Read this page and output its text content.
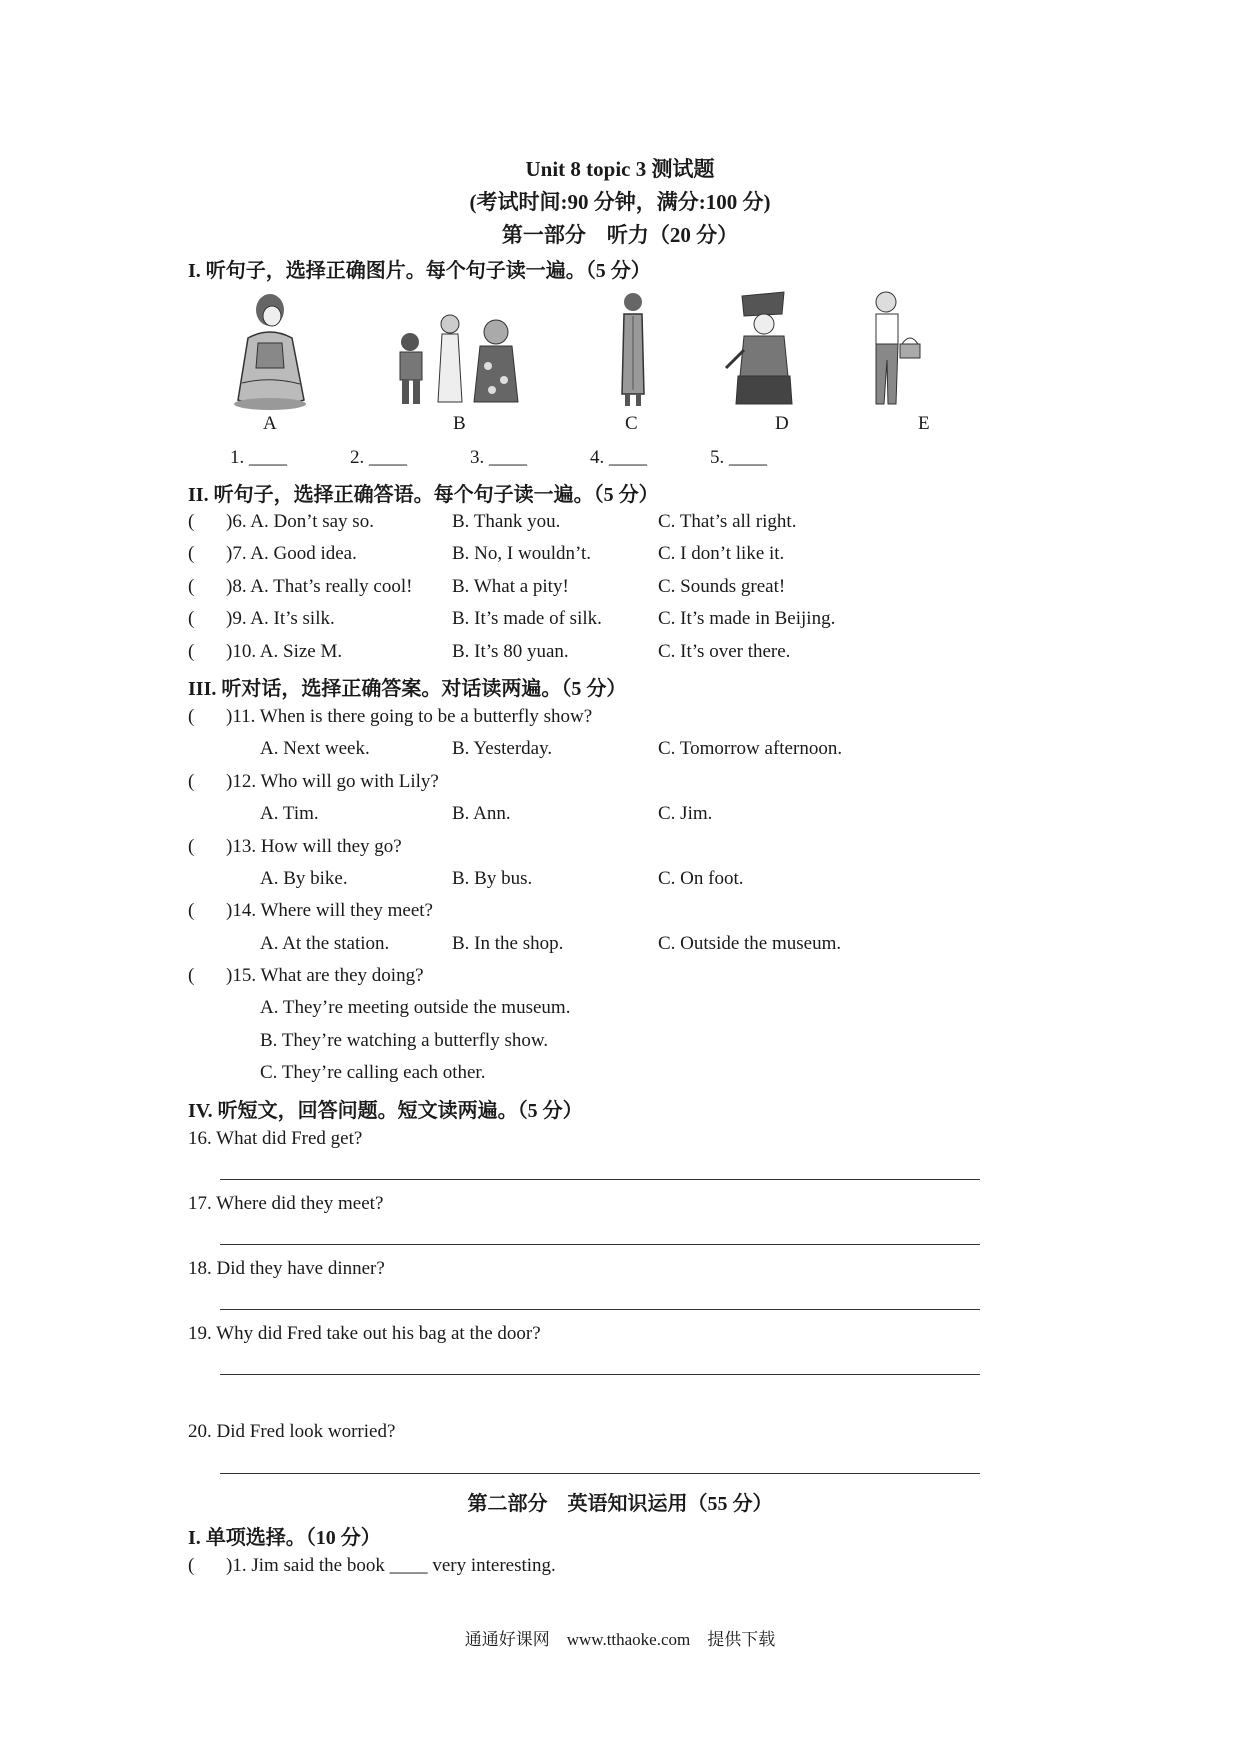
Unit 8 topic 3 测试题
(考试时间:90 分钟，满分:100 分)
第一部分　听力（20 分）
I. 听句子，选择正确图片。每个句子读一遍。（5 分）
A	B	C	D	E
1. ____	2. ____	3. ____	4. ____	5. ____
II. 听句子，选择正确答语。每个句子读一遍。（5 分）
( )6. A. Don’t say so.	B. Thank you.	C. That’s all right.
( )7. A. Good idea.	B. No, I wouldn’t.	C. I don’t like it.
( )8. A. That’s really cool! B. What a pity!	C. Sounds great!
( )9. A. It’s silk.	B. It’s made of silk.	C. It’s made in Beijing.
( )10. A. Size M.	B. It’s 80 yuan.	C. It’s over there.
III. 听对话，选择正确答案。对话读两遍。（5 分）
( )11. When is there going to be a butterfly show?
A. Next week.	B. Yesterday.	C. Tomorrow afternoon.
( )12. Who will go with Lily?
A. Tim.	B. Ann.	C. Jim.
( )13. How will they go?
A. By bike.	B. By bus.	C. On foot.
( )14. Where will they meet?
A. At the station.	B. In the shop.	C. Outside the museum.
( )15. What are they doing?
A. They’re meeting outside the museum.
B. They’re watching a butterfly show.
C. They’re calling each other.
IV. 听短文，回答问题。短文读两遍。（5 分）
16. What did Fred get?
17. Where did they meet?
18. Did they have dinner?
19. Why did Fred take out his bag at the door?
20. Did Fred look worried?
第二部分　英语知识运用（55 分）
I. 单项选择。（10 分）
( )1. Jim said the book ____ very interesting.
通通好课网　www.tthaoke.com　提供下载
